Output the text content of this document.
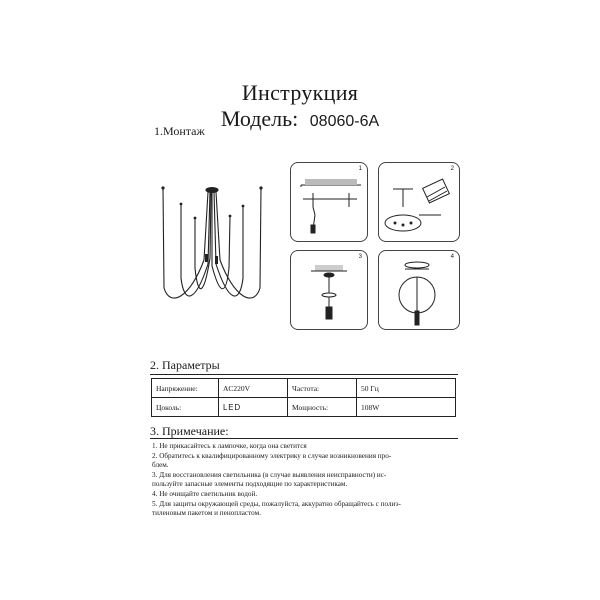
Инструкция
Модель: 08060-6A
1.Монтаж
1	2
3	4
2. Параметры
Напряжение:	AC220V	Частота:	50 Гц
Цоколь:	LED	Мощность:	108W
3. Примечание:
1. Не прикасайтесь к лампочке, когда она светится
2. Обратитесь к квалифицированному электрику в случае возникновения про-
блем.
3. Для восстановления светильника (в случае выявления неисправности) ис-
пользуйте запасные элементы подходящие по характеристикам.
4. Не очищайте светильник водой.
5. Для защиты окружающей среды, пожалуйста, аккуратно обращайтесь с полиэ-
тиленовым пакетом и пенопластом.
